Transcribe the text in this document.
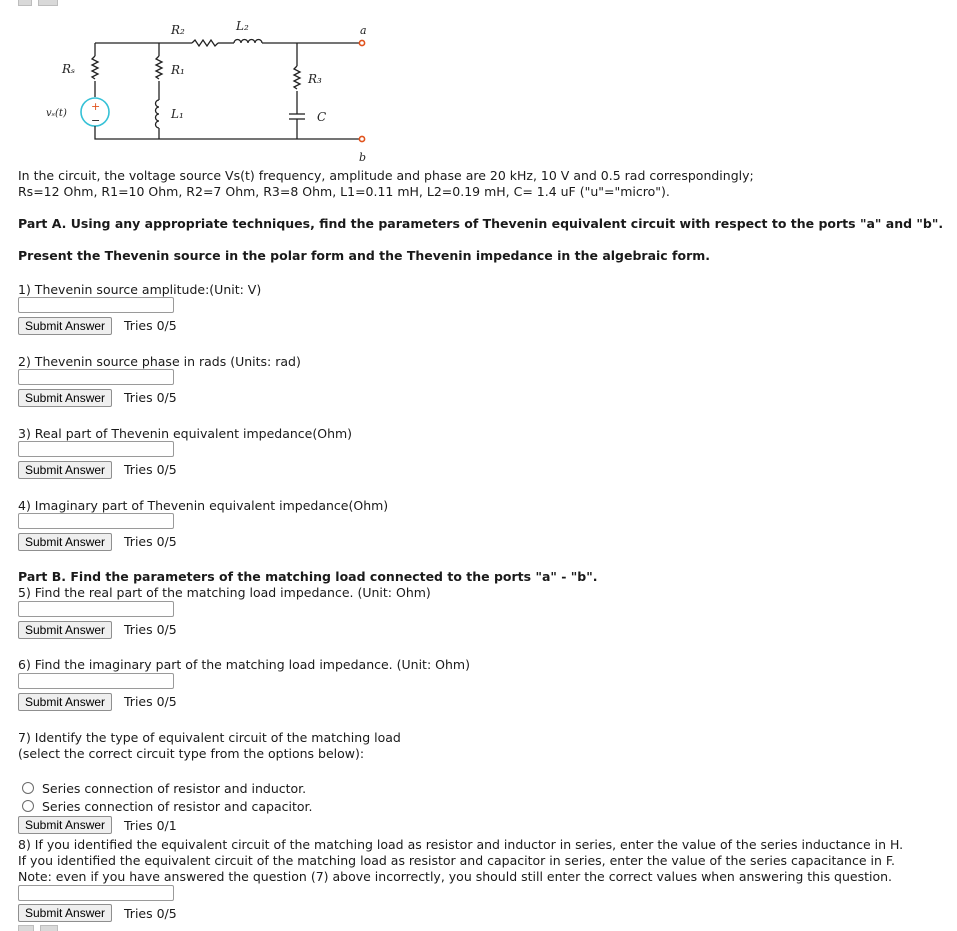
R₂	L₂	a
Rₛ	R₁
R₃
vₛ(t)	L₁	C
b
+
−
In the circuit, the voltage source Vs(t) frequency, amplitude and phase are 20 kHz, 10 V and 0.5 rad correspondingly;
Rs=12 Ohm, R1=10 Ohm, R2=7 Ohm, R3=8 Ohm, L1=0.11 mH, L2=0.19 mH, C= 1.4 uF ("u"="micro").
Part A. Using any appropriate techniques, find the parameters of Thevenin equivalent circuit with respect to the ports "a" and "b".
Present the Thevenin source in the polar form and the Thevenin impedance in the algebraic form.
1) Thevenin source amplitude:(Unit: V)
Submit Answer	Tries 0/5
2) Thevenin source phase in rads (Units: rad)
Submit Answer	Tries 0/5
3) Real part of Thevenin equivalent impedance(Ohm)
Submit Answer	Tries 0/5
4) Imaginary part of Thevenin equivalent impedance(Ohm)
Submit Answer	Tries 0/5
Part B. Find the parameters of the matching load connected to the ports "a" - "b".
5) Find the real part of the matching load impedance. (Unit: Ohm)
Submit Answer	Tries 0/5
6) Find the imaginary part of the matching load impedance. (Unit: Ohm)
Submit Answer	Tries 0/5
7) Identify the type of equivalent circuit of the matching load
(select the correct circuit type from the options below):
Series connection of resistor and inductor.
Series connection of resistor and capacitor.
Submit Answer	Tries 0/1
8) If you identified the equivalent circuit of the matching load as resistor and inductor in series, enter the value of the series inductance in H.
If you identified the equivalent circuit of the matching load as resistor and capacitor in series, enter the value of the series capacitance in F.
Note: even if you have answered the question (7) above incorrectly, you should still enter the correct values when answering this question.
Submit Answer	Tries 0/5
